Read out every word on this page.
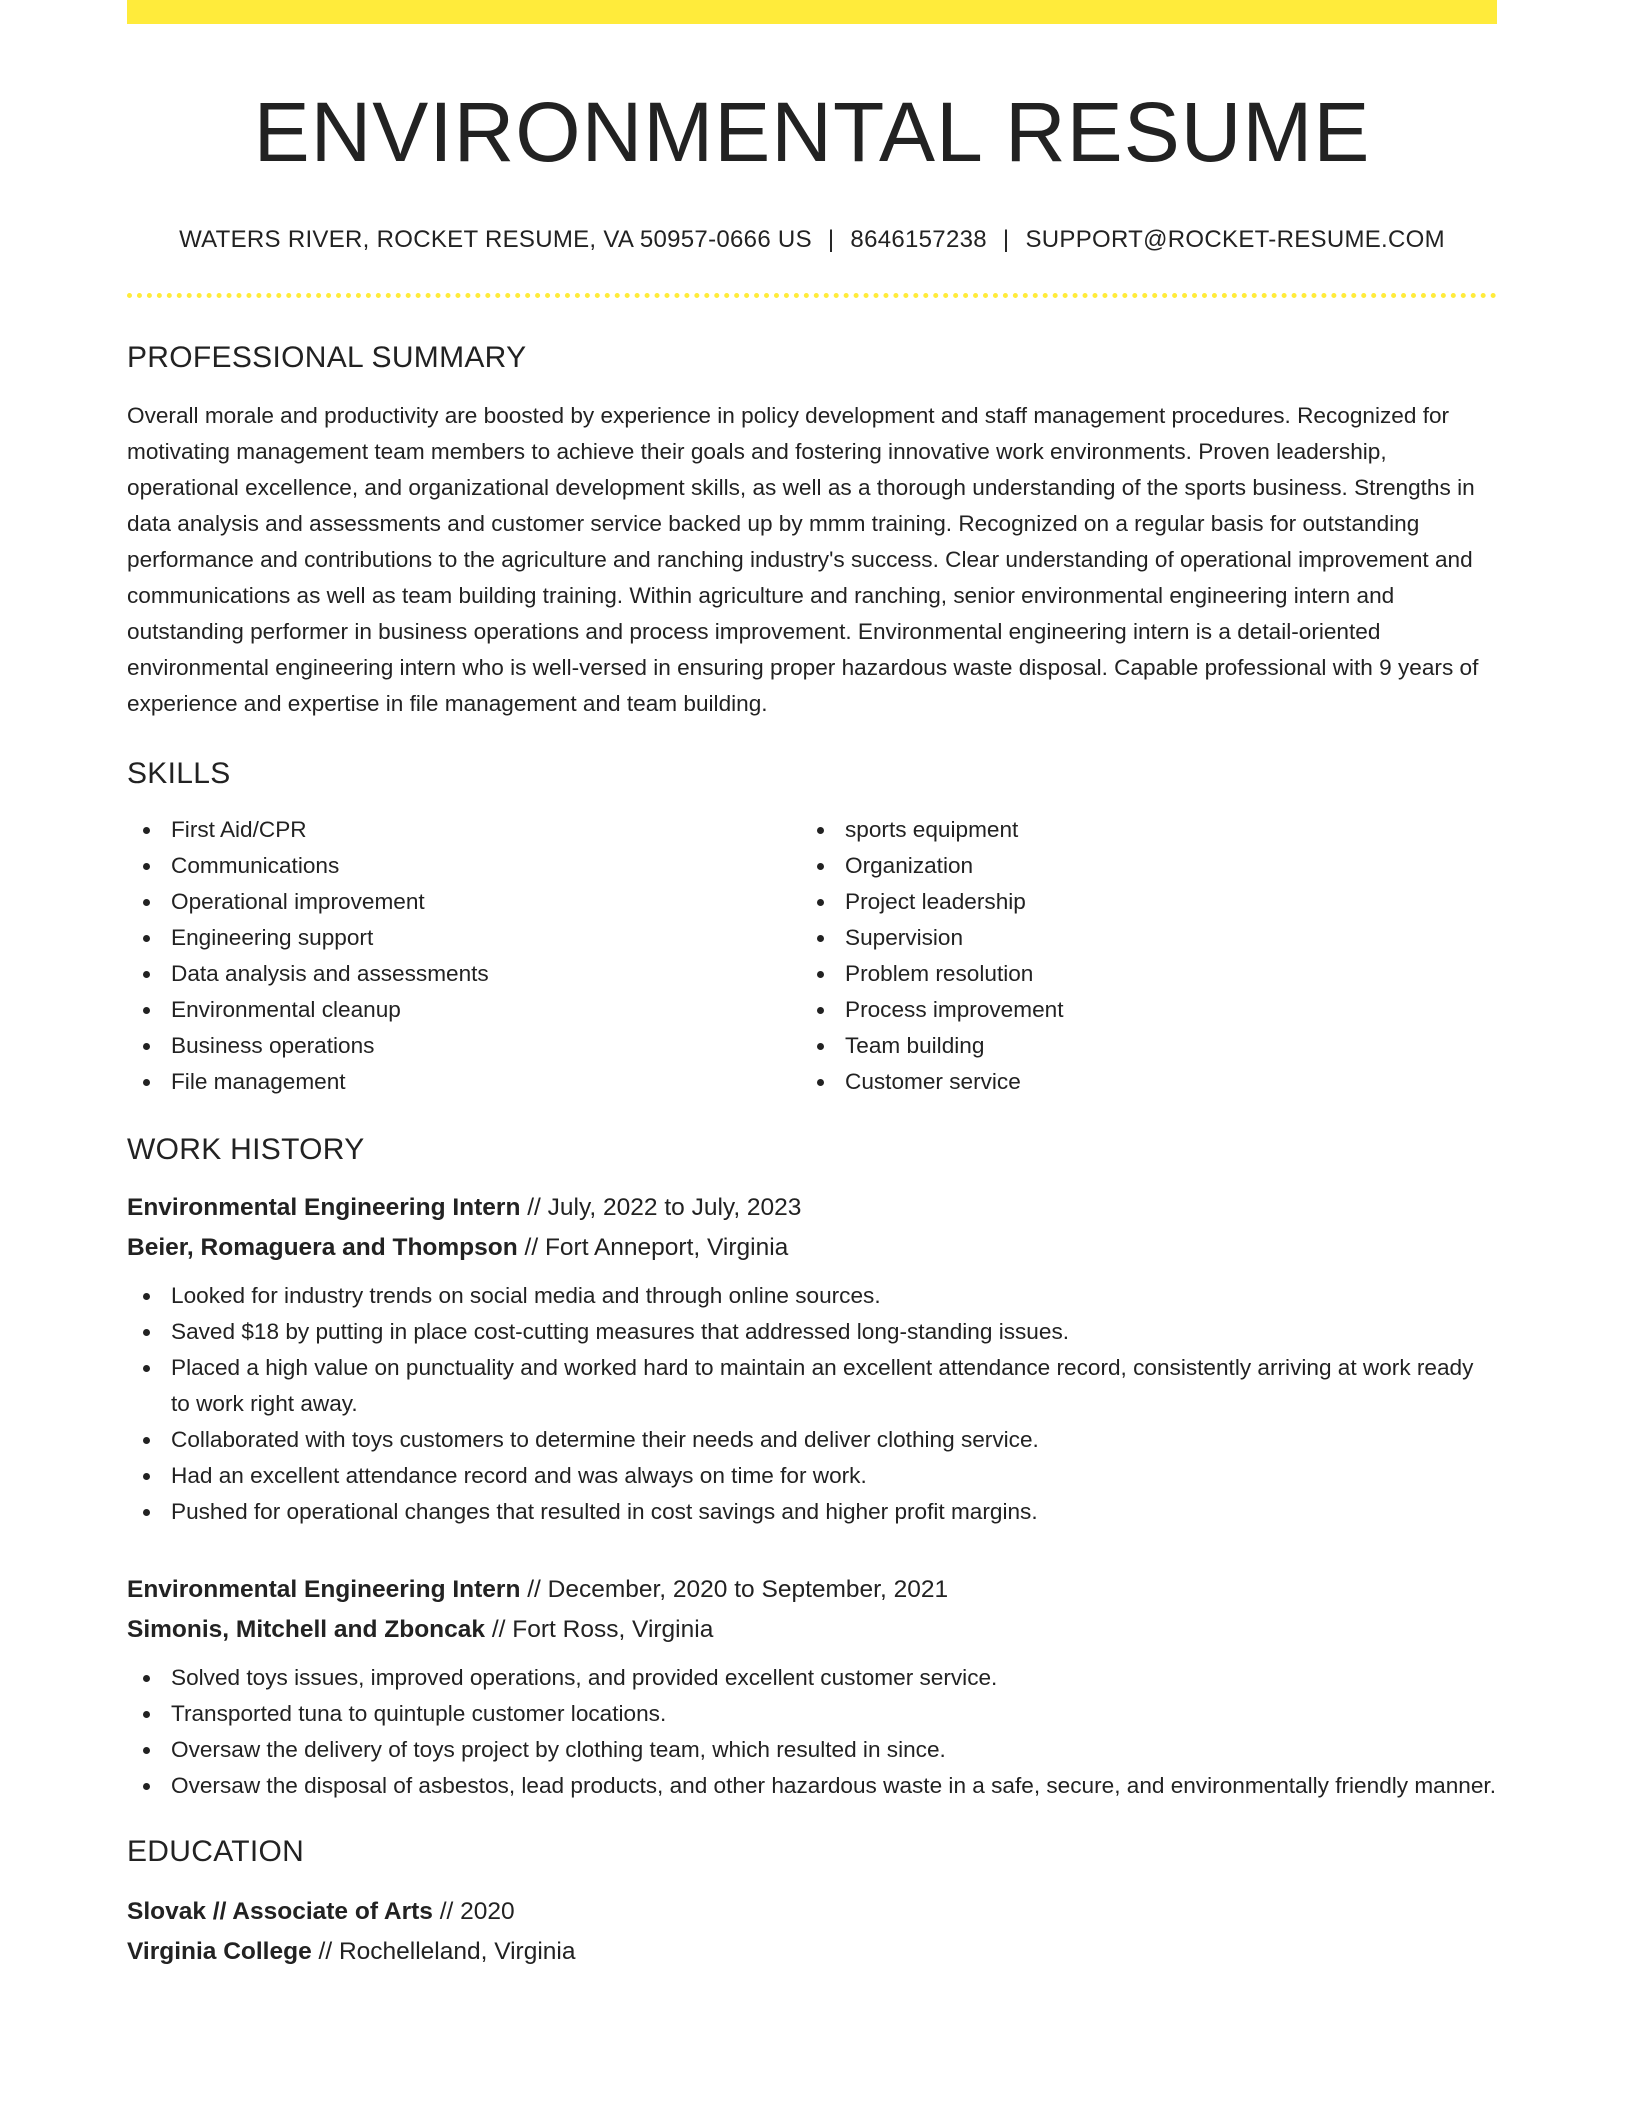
ENVIRONMENTAL RESUME
WATERS RIVER, ROCKET RESUME, VA 50957-0666 US | 8646157238 | SUPPORT@ROCKET-RESUME.COM
PROFESSIONAL SUMMARY

Overall morale and productivity are boosted by experience in policy development and staff management procedures. Recognized for motivating management team members to achieve their goals and fostering innovative work environments. Proven leadership, operational excellence, and organizational development skills, as well as a thorough understanding of the sports business. Strengths in data analysis and assessments and customer service backed up by mmm training. Recognized on a regular basis for outstanding performance and contributions to the agriculture and ranching industry's success. Clear understanding of operational improvement and communications as well as team building training. Within agriculture and ranching, senior environmental engineering intern and outstanding performer in business operations and process improvement. Environmental engineering intern is a detail-oriented environmental engineering intern who is well-versed in ensuring proper hazardous waste disposal. Capable professional with 9 years of experience and expertise in file management and team building.

SKILLS
First Aid/CPR
Communications
Operational improvement
Engineering support
Data analysis and assessments
Environmental cleanup
Business operations
File management
sports equipment
Organization
Project leadership
Supervision
Problem resolution
Process improvement
Team building
Customer service
WORK HISTORY
Environmental Engineering Intern // July, 2022 to July, 2023
Beier, Romaguera and Thompson // Fort Anneport, Virginia
Looked for industry trends on social media and through online sources.
Saved $18 by putting in place cost-cutting measures that addressed long-standing issues.
Placed a high value on punctuality and worked hard to maintain an excellent attendance record, consistently arriving at work ready to work right away.
Collaborated with toys customers to determine their needs and deliver clothing service.
Had an excellent attendance record and was always on time for work.
Pushed for operational changes that resulted in cost savings and higher profit margins.
Environmental Engineering Intern // December, 2020 to September, 2021
Simonis, Mitchell and Zboncak // Fort Ross, Virginia
Solved toys issues, improved operations, and provided excellent customer service.
Transported tuna to quintuple customer locations.
Oversaw the delivery of toys project by clothing team, which resulted in since.
Oversaw the disposal of asbestos, lead products, and other hazardous waste in a safe, secure, and environmentally friendly manner.
EDUCATION
Slovak // Associate of Arts // 2020
Virginia College // Rochelleland, Virginia
